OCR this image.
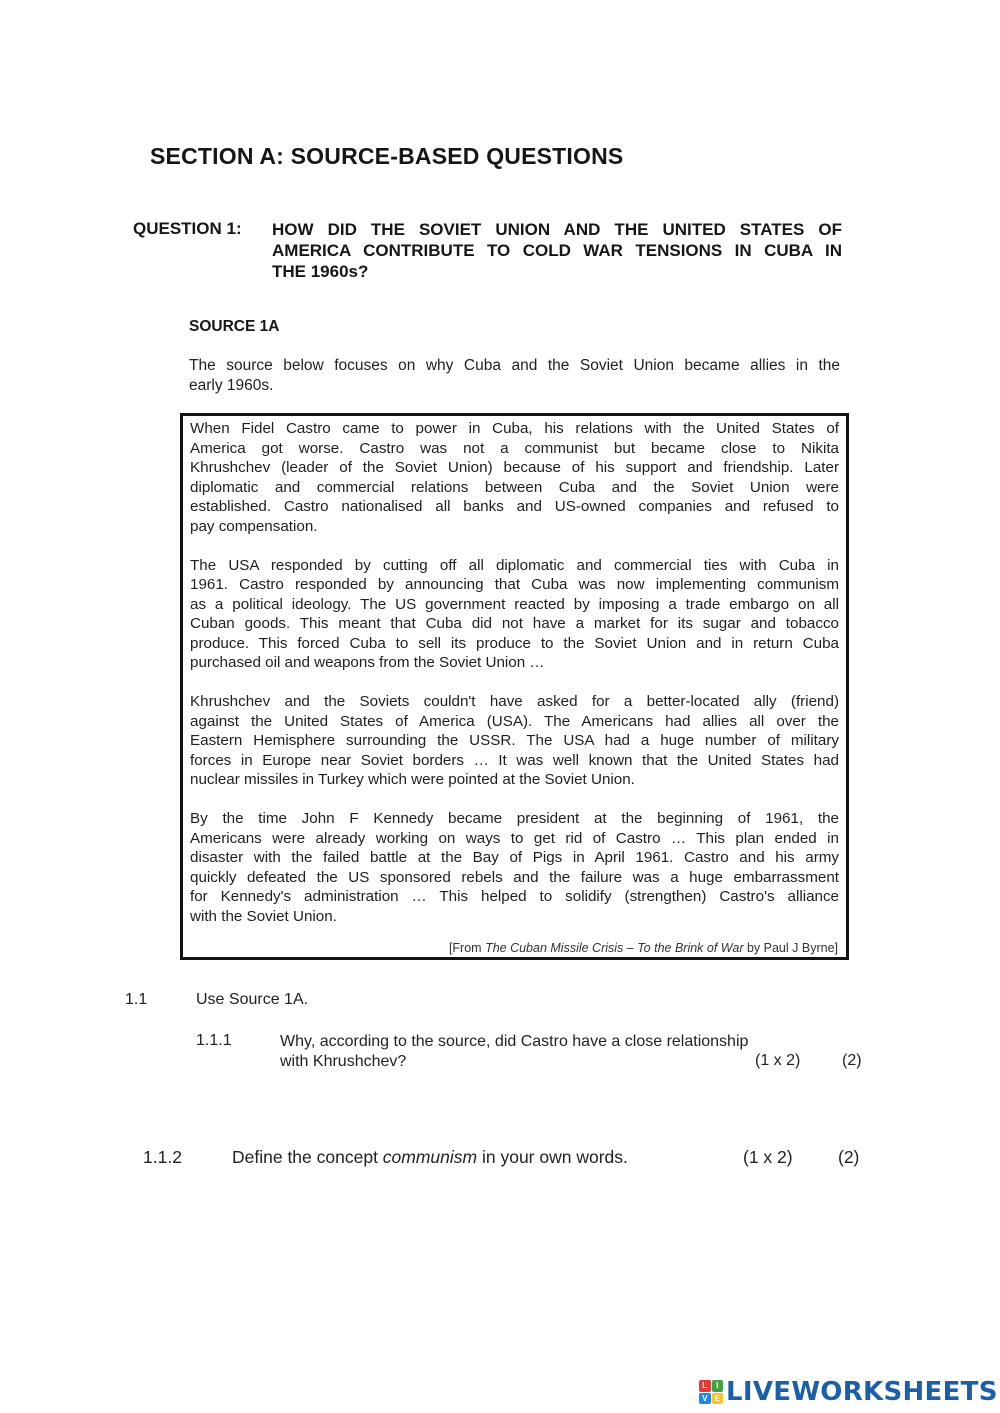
SECTION A: SOURCE-BASED QUESTIONS
QUESTION 1: HOW DID THE SOVIET UNION AND THE UNITED STATES OF
AMERICA CONTRIBUTE TO COLD WAR TENSIONS IN CUBA IN
THE 1960s?
SOURCE 1A
The source below focuses on why Cuba and the Soviet Union became allies in the
early 1960s.
When Fidel Castro came to power in Cuba, his relations with the United States of
America got worse. Castro was not a communist but became close to Nikita
Khrushchev (leader of the Soviet Union) because of his support and friendship. Later
diplomatic and commercial relations between Cuba and the Soviet Union were
established. Castro nationalised all banks and US-owned companies and refused to
pay compensation.
The USA responded by cutting off all diplomatic and commercial ties with Cuba in
1961. Castro responded by announcing that Cuba was now implementing communism
as a political ideology. The US government reacted by imposing a trade embargo on all
Cuban goods. This meant that Cuba did not have a market for its sugar and tobacco
produce. This forced Cuba to sell its produce to the Soviet Union and in return Cuba
purchased oil and weapons from the Soviet Union …
Khrushchev and the Soviets couldn't have asked for a better-located ally (friend)
against the United States of America (USA). The Americans had allies all over the
Eastern Hemisphere surrounding the USSR. The USA had a huge number of military
forces in Europe near Soviet borders … It was well known that the United States had
nuclear missiles in Turkey which were pointed at the Soviet Union.
By the time John F Kennedy became president at the beginning of 1961, the
Americans were already working on ways to get rid of Castro … This plan ended in
disaster with the failed battle at the Bay of Pigs in April 1961. Castro and his army
quickly defeated the US sponsored rebels and the failure was a huge embarrassment
for Kennedy's administration … This helped to solidify (strengthen) Castro's alliance
with the Soviet Union.
[From The Cuban Missile Crisis – To the Brink of War by Paul J Byrne]
1.1	Use Source 1A.
1.1.1	Why, according to the source, did Castro have a close relationship
with Khrushchev?	(1 x 2)	(2)
1.1.2	Define the concept communism in your own words.	(1 x 2)	(2)
L	I
V E LIVEWORKSHEETS
